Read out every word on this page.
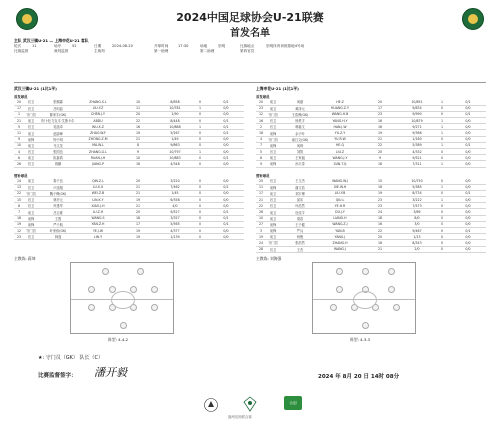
2024中国足球协会U-21联赛
首发名单
主队 武汉三镇U-21 — 上海申花U-21 客队
轮次	11	场序	52	日期	2024-08-20	开球时间	17:30	场地	崇明	比赛地点	崇明体育训练基地4号场
比赛监督	裁判监督	主裁判	第一助理	第二助理	第四官员
武汉三镇U-21 (1比1平)	上海申花U-21 (1比1平)
首发球员	首发球员
20	后卫	张顺霖	ZHANG.S.L	10	8/858	0	0/1
17	后卫	吕昀喆	LIU.Y.Z	11	10/781	1	0/0
1	守门员	陈家宇(GK)	CHEN.J.Y	20	1/90	0	0/0
21	前卫	阿卜杜力克木·艾斯卡尔	ABDU	22	8/448	0	0/1
5	后卫	吴旭卓	WU.X.Z	16	10/888	1	0/1
11	前卫	赵尉峰	ZHAO.W.F	19	5/267	0	0/1
9	前锋	钟子明	ZHONG.Z.M	21	1/49	0	0/0
10	前卫	马文龙	MA.W.L	8	9/863	0	0/0
4	后卫	张国良	ZHANG.G.L	9	10/797	1	0/0
6	前卫	阮嘉鸿	RUAN.J.H	10	10/883	0	0/1
26	后卫	蒋鹏	JIANG.P	16	4/348	0	0/0
20	前卫	何湛	HE.Z	20	10/851	1	0/1
23	前卫	黄泽元	HUANG.Z.Y	17	9/834	0	0/0
12	守门员	王浩博(GK)	WANG.H.B	23	9/990	0	0/1
16	后卫	杨昊宇	YANG.H.Y	16	10/879	1	0/0
2	后卫	韩嘉文	HAN.J.W	16	9/271	1	0/0
18	前锋	余子叶	YU.Z.Y	19	9/366	1	0/0
4	守门员	俞日文(GK)	YU.R.W	21	1/160	0	0/0
7	前锋	何琦	HE.Q	22	5/389	1	0/1
5	后卫	刘智	LIU.Z	20	4/332	0	0/0
8	前卫	王家毅	WANG.J.Y	9	9/521	0	0/0
9	前锋	孙天奇	SUN.T.Q	16	7/311	1	0/0
替补球员	替补球员
14	前卫	秦子良	QIN.Z.L	20	3/220	0	0/0
13	后卫	卢旭翔	LU.X.X	21	7/462	0	0/1
22	守门员	魏子博(GK)	WEI.Z.B	21	1/45	0	0/0
15	后卫	林开元	LIN.K.Y	19	6/358	0	0/0
8	后卫	肖建华	XIAO.J.H	21	4/0	0	0/0
7	前卫	吕志豪	LU.Z.H	20	9/527	0	0/1
18	前锋	王胜	WANG.S	18	3/327	0	0/1
19	前锋	严子航	YAN.Z.H	17	5/565	0	0/1
12	守门员	叶家伟(GK)	YE.J.W	19	4/377	0	0/0
23	后卫	林逸	LIN.Y	19	1/139	0	0/0
25	后卫	王文杰	WANG.W.J	15	10/750	0	0/0
11	前锋	谢文浩	XIE.W.H	16	5/385	1	0/0
17	前卫	刘宇博	LIU.Y.B	19	8/734	0	0/1
21	后卫	邱乐	QIU.L	23	3/222	1	0/0
22	后卫	叶浩然	YE.H.R	23	7/573	0	0/0
26	前卫	杜佳宇	DU.J.Y	24	3/89	0	0/0
10	前卫	梁浩	LIANG.H	18	8/0	0	0/0
27	前锋	王子健	WANG.Z.J	16	3/0	0	0/0
3	前锋	严兵	YAN.B	22	9/467	0	0/1
19	前卫	杨俊	YANG.J	20	1/13	0	0/0
24	守门员	张浩然	ZHANG.H	16	8/343	0	0/0
28	后卫	王杰	WANG.J	21	2/0	0	0/0
主教练: 蒋坤	主教练: 刘海强
阵型: 4-4-2	阵型: 4-3-3
★: 守门员（GK） 队长（C）
比赛监督签字： 潘开毅	2024 年 8月 20 日 14时 08分
合创
福州足协联合赛
